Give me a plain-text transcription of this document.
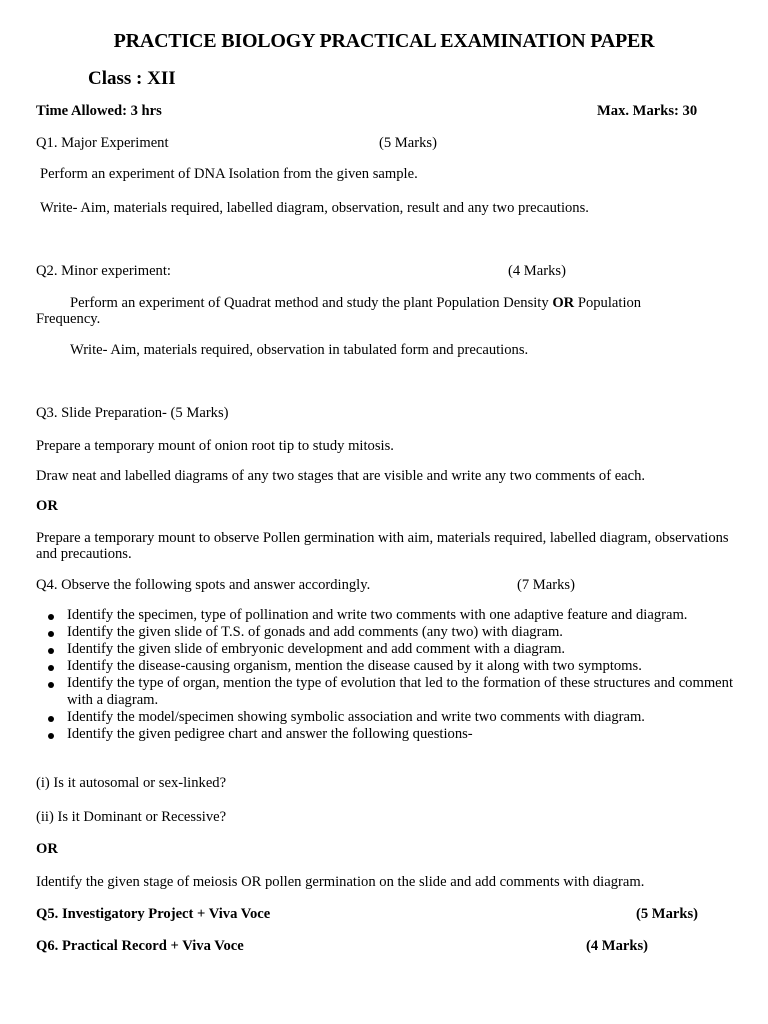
PRACTICE BIOLOGY PRACTICAL EXAMINATION PAPER
Class : XII
Time Allowed: 3 hrs	Max. Marks: 30
Q1. Major Experiment	(5 Marks)
Perform an experiment of DNA Isolation from the given sample.
Write- Aim, materials required, labelled diagram, observation, result and any two precautions.
Q2. Minor experiment:	(4 Marks)
Perform an experiment of Quadrat method and study the plant Population Density OR Population
Frequency.
Write- Aim, materials required, observation in tabulated form and precautions.
Q3. Slide Preparation- (5 Marks)
Prepare a temporary mount of onion root tip to study mitosis.
Draw neat and labelled diagrams of any two stages that are visible and write any two comments of each.
OR
Prepare a temporary mount to observe Pollen germination with aim, materials required, labelled diagram, observations and precautions.
Q4. Observe the following spots and answer accordingly.	(7 Marks)
Identify the specimen, type of pollination and write two comments with one adaptive feature and diagram.
Identify the given slide of T.S. of gonads and add comments (any two) with diagram.
Identify the given slide of embryonic development and add comment with a diagram.
Identify the disease-causing organism, mention the disease caused by it along with two symptoms.
Identify the type of organ, mention the type of evolution that led to the formation of these structures and comment with a diagram.
Identify the model/specimen showing symbolic association and write two comments with diagram.
Identify the given pedigree chart and answer the following questions-
(i) Is it autosomal or sex-linked?
(ii) Is it Dominant or Recessive?
OR
Identify the given stage of meiosis OR pollen germination on the slide and add comments with diagram.
Q5. Investigatory Project + Viva Voce	(5 Marks)
Q6. Practical Record + Viva Voce	(4 Marks)
